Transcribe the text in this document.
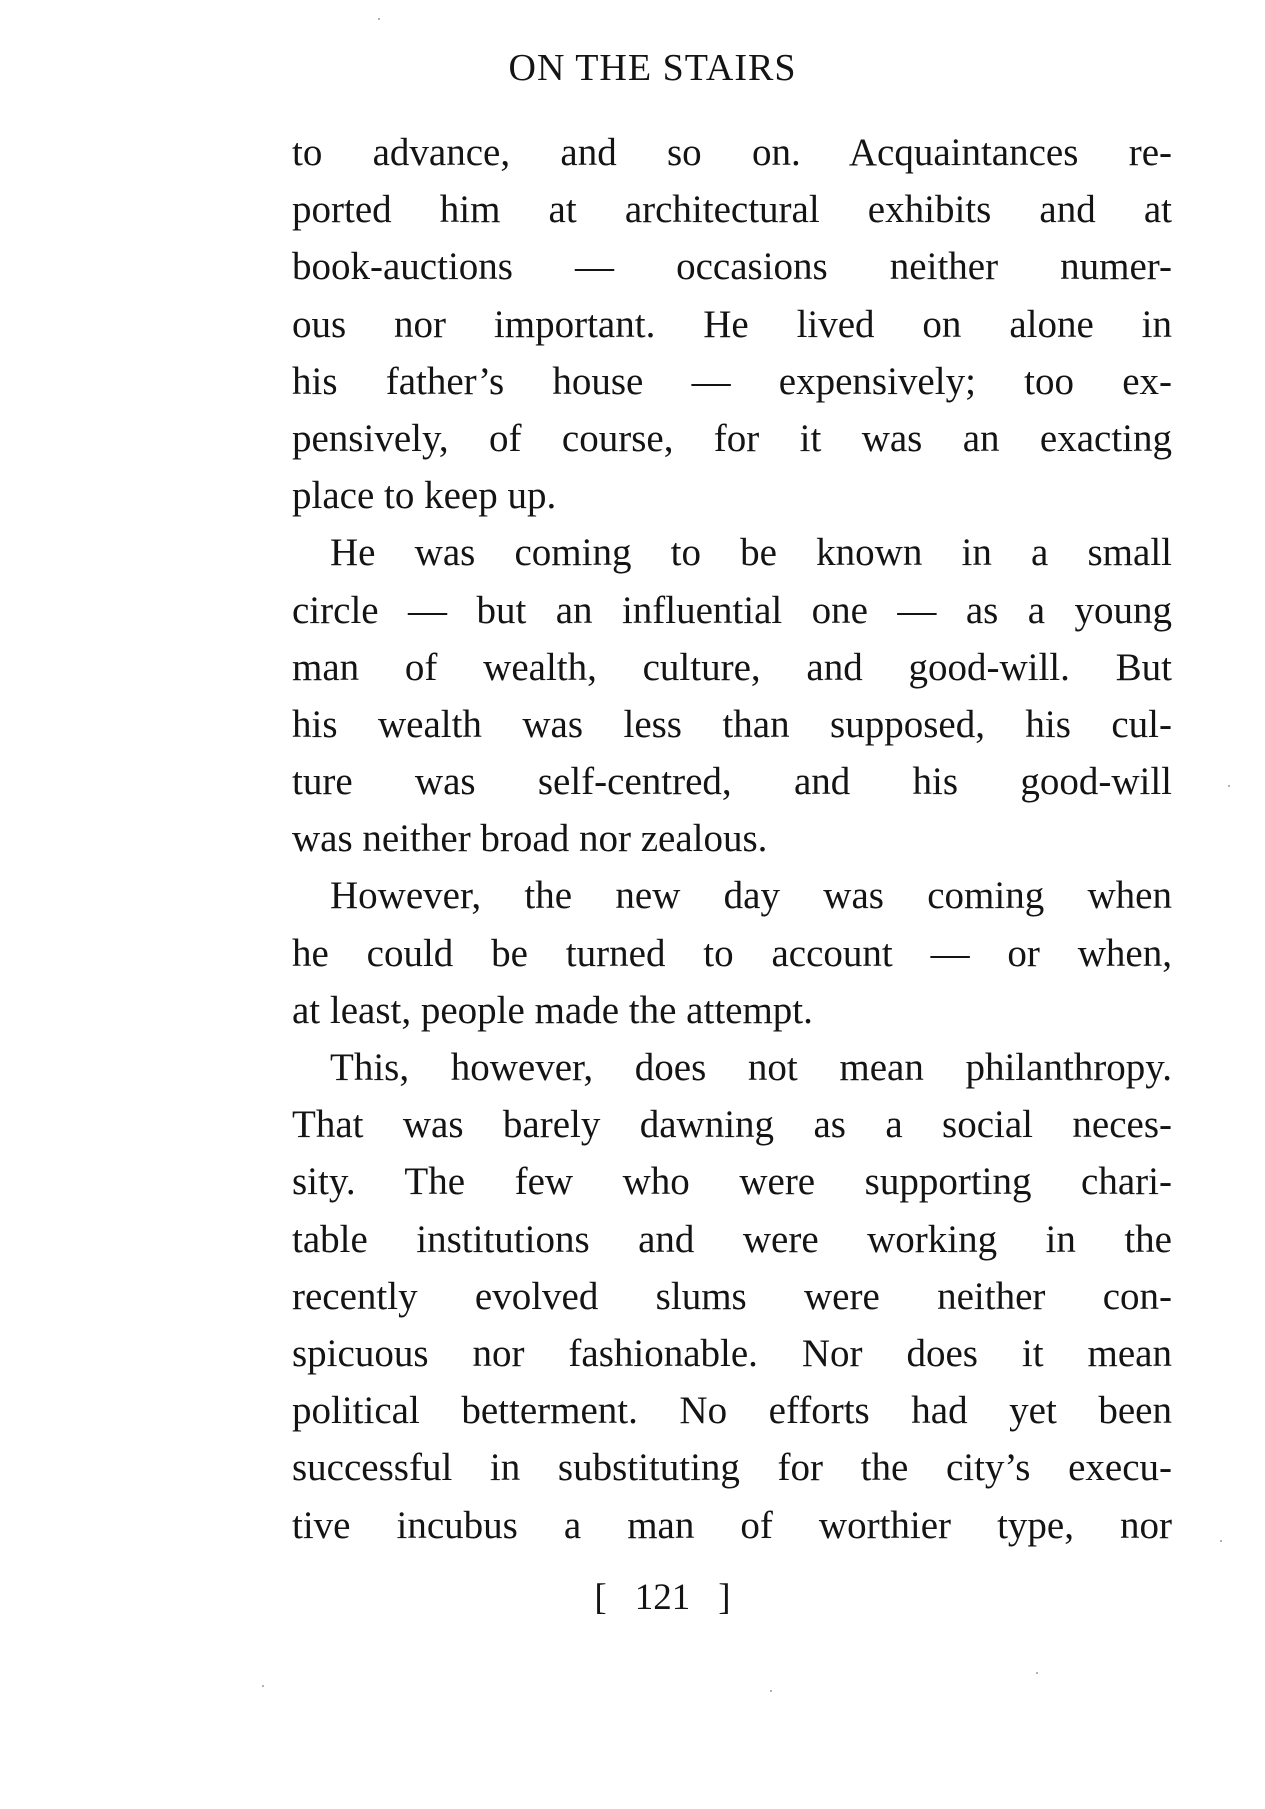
ON THE STAIRS
to advance, and so on. Acquaintances re-
ported him at architectural exhibits and at
book-auctions — occasions neither numer-
ous nor important. He lived on alone in
his father’s house — expensively; too ex-
pensively, of course, for it was an exacting
place to keep up.
He was coming to be known in a small
circle — but an influential one — as a young
man of wealth, culture, and good-will. But
his wealth was less than supposed, his cul-
ture was self-centred, and his good-will
was neither broad nor zealous.
However, the new day was coming when
he could be turned to account — or when,
at least, people made the attempt.
This, however, does not mean philanthropy.
That was barely dawning as a social neces-
sity. The few who were supporting chari-
table institutions and were working in the
recently evolved slums were neither con-
spicuous nor fashionable. Nor does it mean
political betterment. No efforts had yet been
successful in substituting for the city’s execu-
tive incubus a man of worthier type, nor
[ 121 ]
